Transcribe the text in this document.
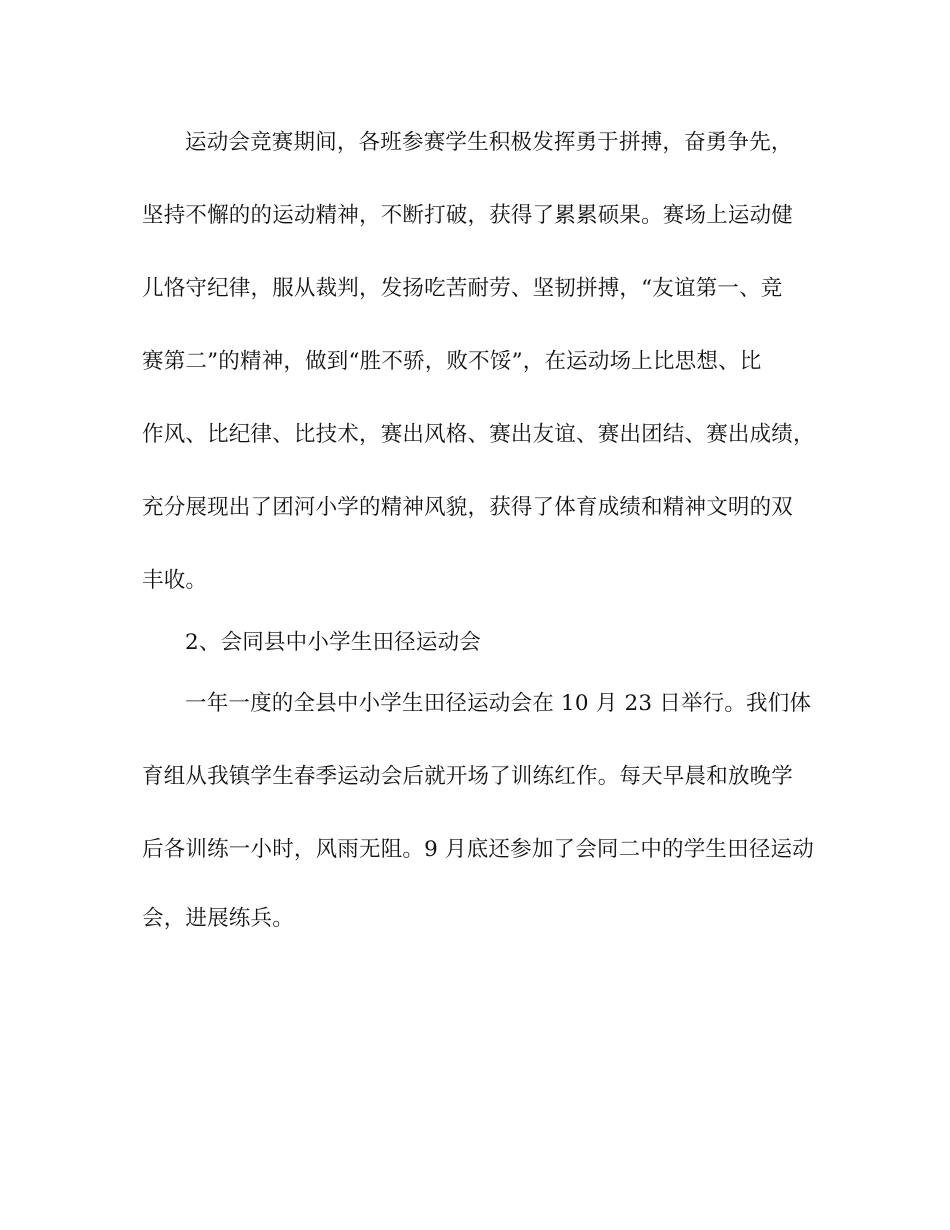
运动会竞赛期间，各班参赛学生积极发挥勇于拼搏，奋勇争先，
坚持不懈的的运动精神，不断打破，获得了累累硕果。赛场上运动健
儿恪守纪律，服从裁判，发扬吃苦耐劳、坚韧拼搏，“友谊第一、竞
赛第二”的精神，做到“胜不骄，败不馁”，在运动场上比思想、比
作风、比纪律、比技术，赛出风格、赛出友谊、赛出团结、赛出成绩，
充分展现出了团河小学的精神风貌，获得了体育成绩和精神文明的双
丰收。
2、会同县中小学生田径运动会
一年一度的全县中小学生田径运动会在 10 月 23 日举行。我们体
育组从我镇学生春季运动会后就开场了训练红作。每天早晨和放晚学
后各训练一小时，风雨无阻。9 月底还参加了会同二中的学生田径运动
会，进展练兵。
